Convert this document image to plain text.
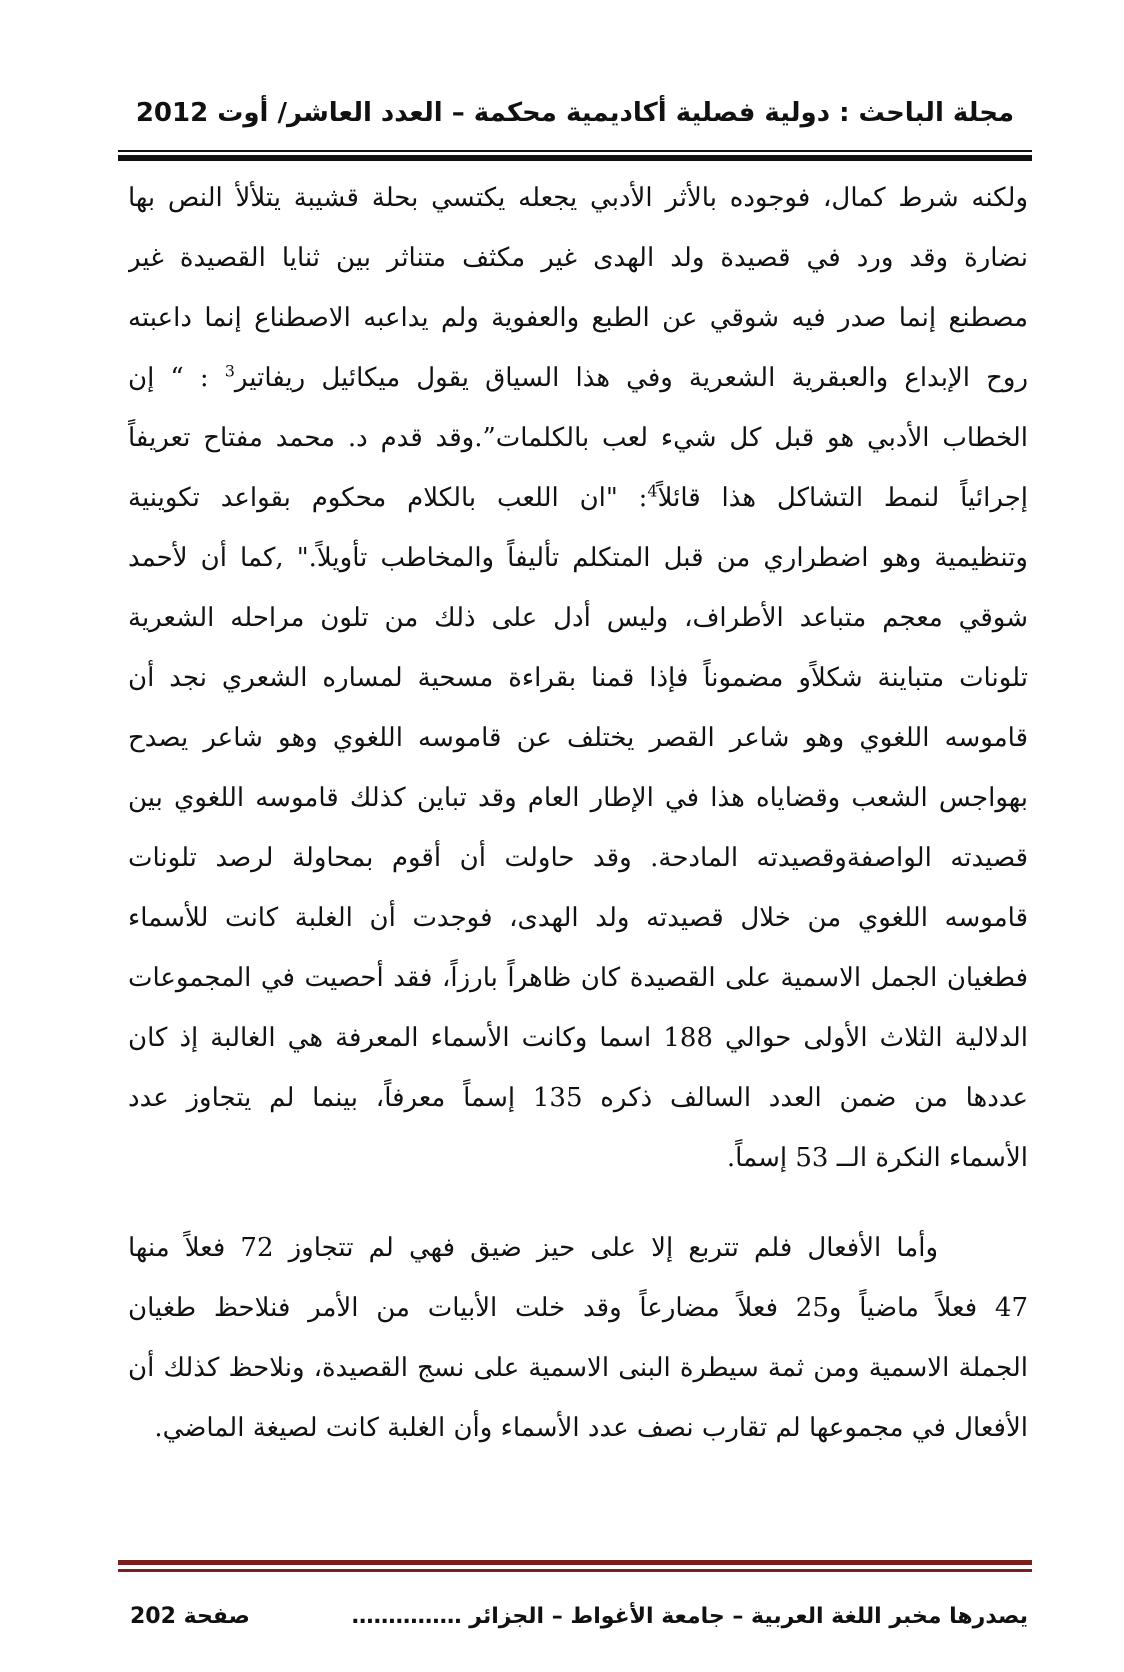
مجلة الباحث : دولية فصلية أكاديمية محكمة – العدد العاشر/ أوت 2012
ولكنه شرط كمال، فوجوده بالأثر الأدبي يجعله يكتسي بحلة قشيبة يتلألأ النص بها
نضارة وقد ورد في قصيدة ولد الهدى غير مكثف متناثر بين ثنايا القصيدة غير
مصطنع إنما صدر فيه شوقي عن الطبع والعفوية ولم يداعبه الاصطناع إنما داعبته
روح الإبداع والعبقرية الشعرية وفي هذا السياق يقول ميكائيل ريفاتير$^3$ : “ إن
الخطاب الأدبي هو قبل كل شيء لعب بالكلمات”.وقد قدم د. محمد مفتاح تعريفاً
إجرائياً لنمط التشاكل هذا قائلاً$^4$: "ان اللعب بالكلام محكوم بقواعد تكوينية
وتنظيمية وهو اضطراري من قبل المتكلم تأليفاً والمخاطب تأويلاً." ,كما أن لأحمد
شوقي معجم متباعد الأطراف، وليس أدل على ذلك من تلون مراحله الشعرية
تلونات متباينة شكلاًو مضموناً فإذا قمنا بقراءة مسحية لمساره الشعري نجد أن
قاموسه اللغوي وهو شاعر القصر يختلف عن قاموسه اللغوي وهو شاعر يصدح
بهواجس الشعب وقضاياه هذا في الإطار العام وقد تباين كذلك قاموسه اللغوي بين
قصيدته الواصفةوقصيدته المادحة. وقد حاولت أن أقوم بمحاولة لرصد تلونات
قاموسه اللغوي من خلال قصيدته ولد الهدى، فوجدت أن الغلبة كانت للأسماء
فطغيان الجمل الاسمية على القصيدة كان ظاهراً بارزاً، فقد أحصيت في المجموعات
الدلالية الثلاث الأولى حوالي 188 اسما وكانت الأسماء المعرفة هي الغالبة إذ كان
عددها من ضمن العدد السالف ذكره 135 إسماً معرفاً، بينما لم يتجاوز عدد
الأسماء النكرة الــ 53 إسماً.
وأما الأفعال فلم تتربع إلا على حيز ضيق فهي لم تتجاوز 72 فعلاً منها
47 فعلاً ماضياً و25 فعلاً مضارعاً وقد خلت الأبيات من الأمر فنلاحظ طغيان
الجملة الاسمية ومن ثمة سيطرة البنى الاسمية على نسج القصيدة، ونلاحظ كذلك أن
الأفعال في مجموعها لم تقارب نصف عدد الأسماء وأن الغلبة كانت لصيغة الماضي.
يصدرها مخبر اللغة العربية – جامعة الأغواط – الجزائر ……………
صفحة 202
